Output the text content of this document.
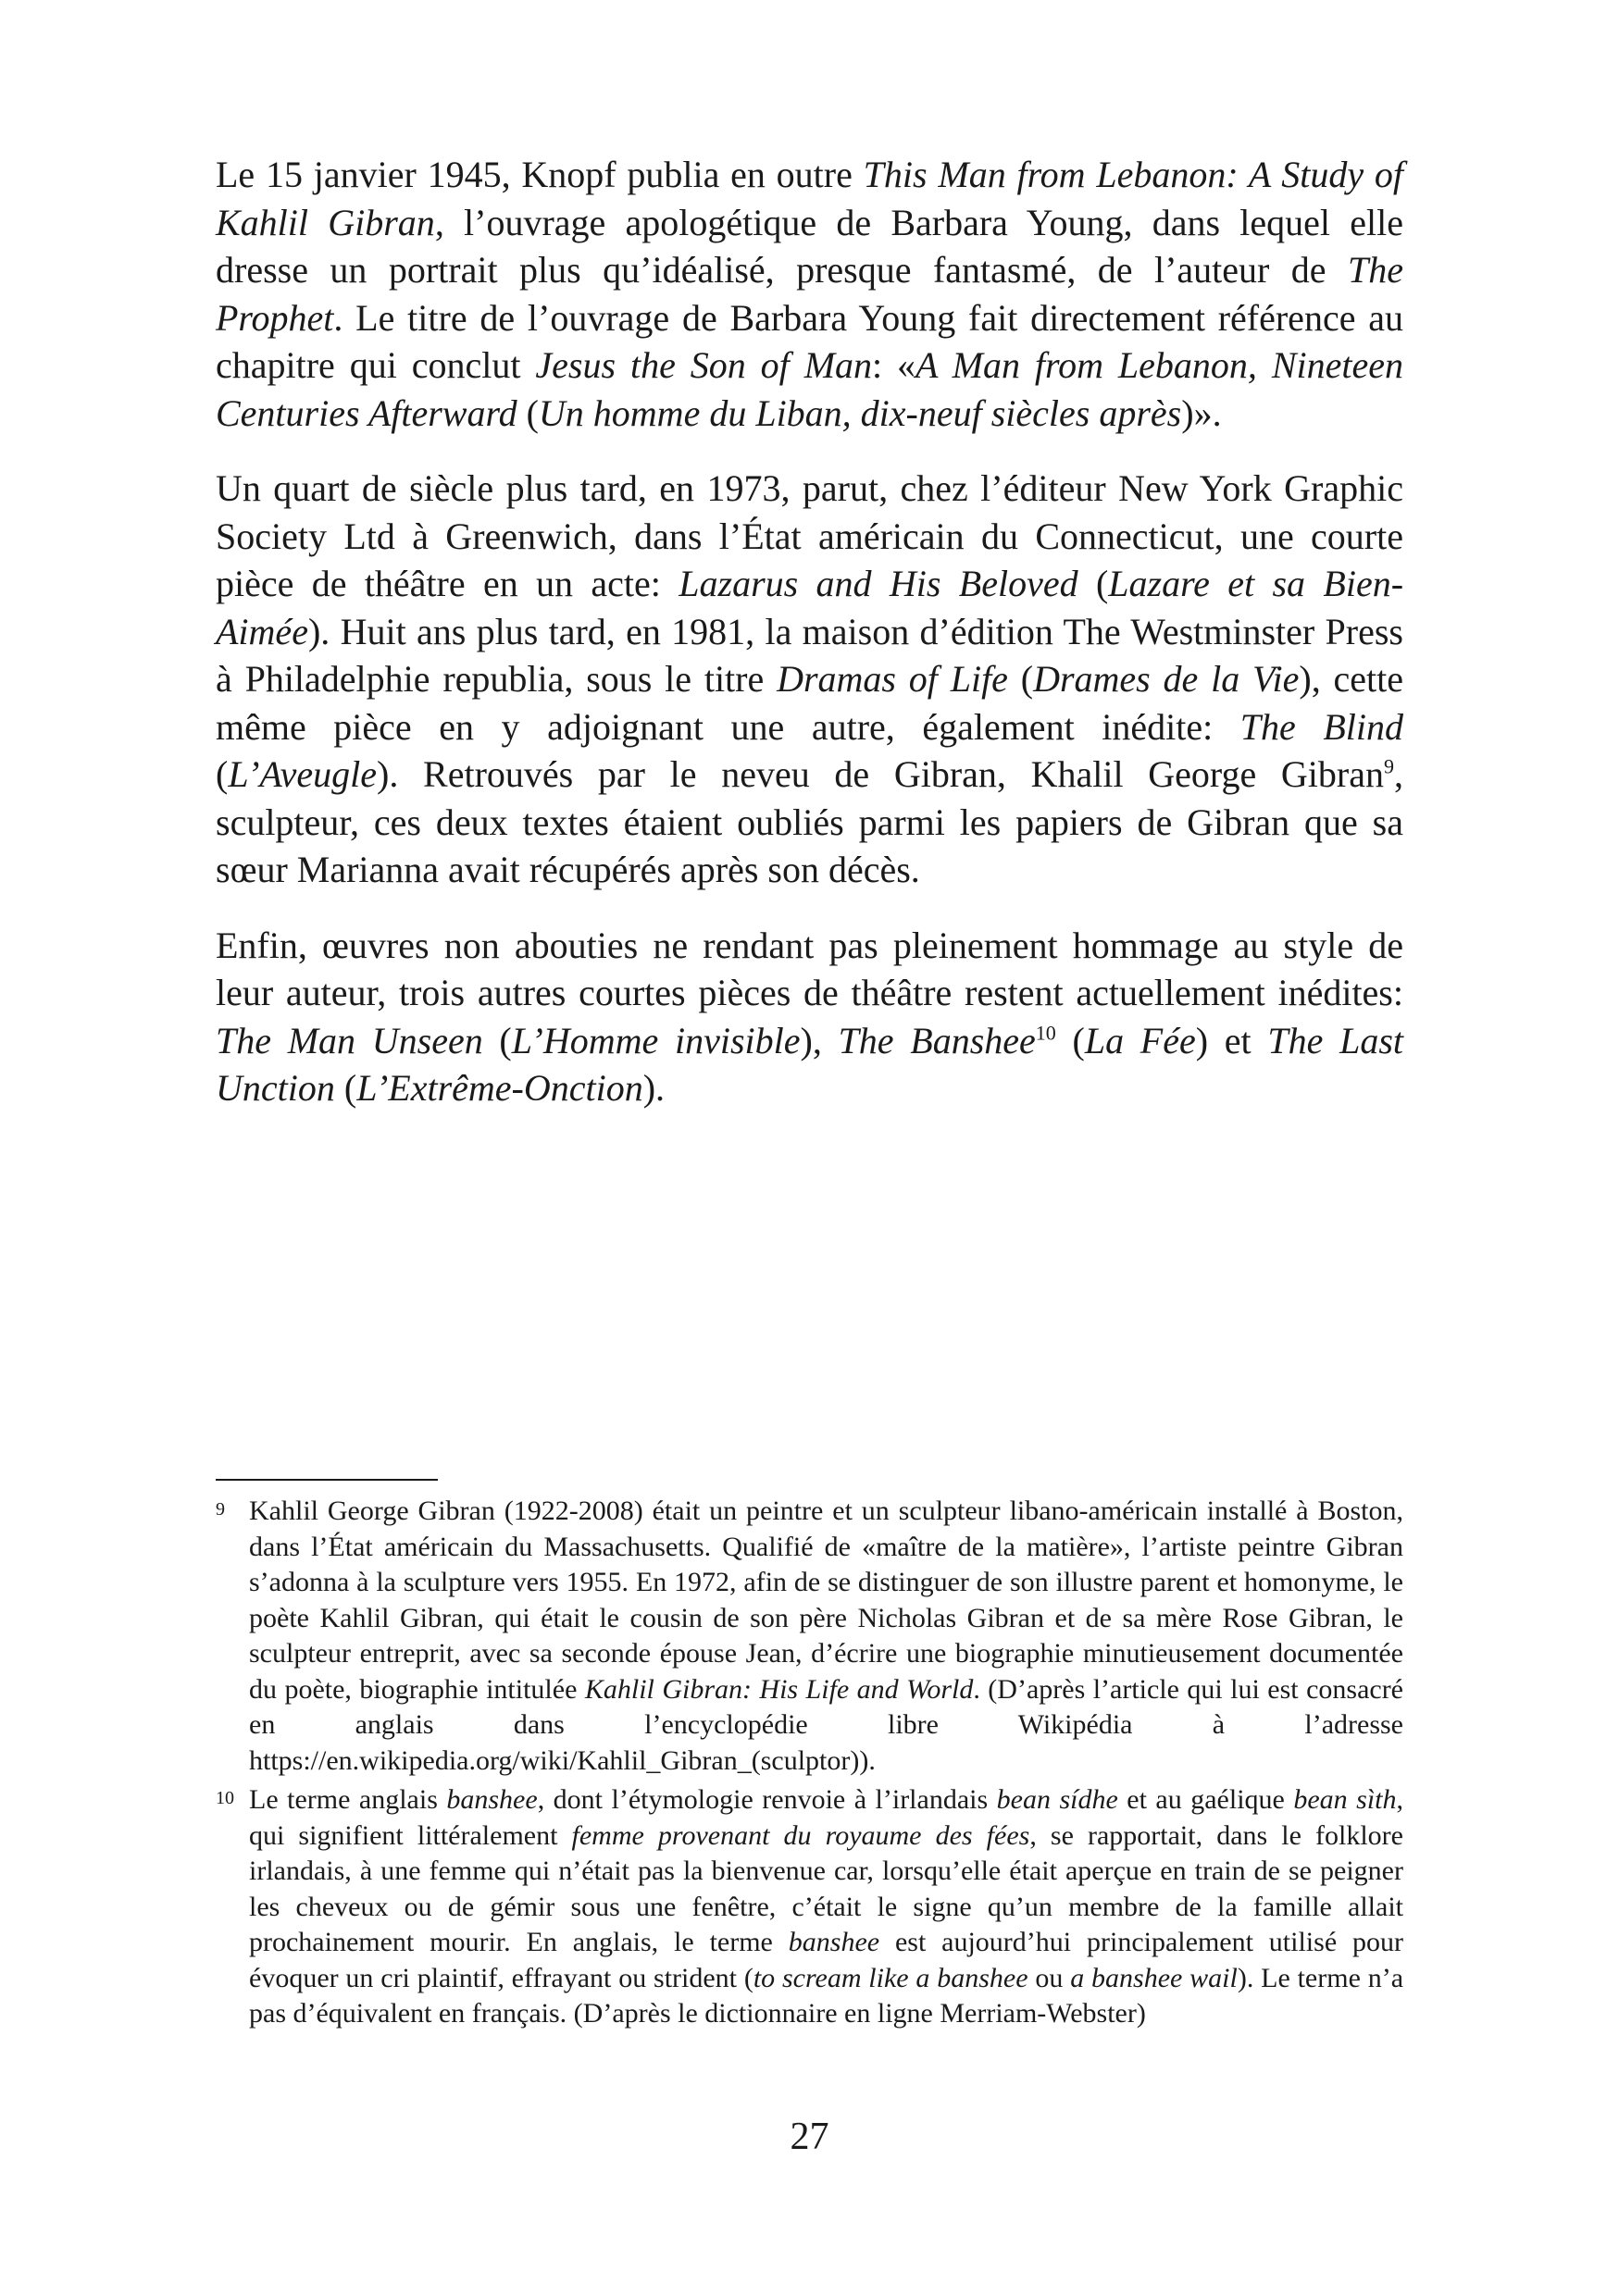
Le 15 janvier 1945, Knopf publia en outre This Man from Lebanon: A Study of Kahlil Gibran, l’ouvrage apologétique de Barbara Young, dans lequel elle dresse un portrait plus qu’idéalisé, presque fantasmé, de l’auteur de The Prophet. Le titre de l’ouvrage de Barbara Young fait directement référence au chapitre qui conclut Jesus the Son of Man: «A Man from Lebanon, Nineteen Centuries Afterward (Un homme du Liban, dix-neuf siècles après)».

Un quart de siècle plus tard, en 1973, parut, chez l’éditeur New York Graphic Society Ltd à Greenwich, dans l’État américain du Connecticut, une courte pièce de théâtre en un acte: Lazarus and His Beloved (Lazare et sa Bien-Aimée). Huit ans plus tard, en 1981, la maison d’édition The Westminster Press à Philadelphie republia, sous le titre Dramas of Life (Drames de la Vie), cette même pièce en y adjoignant une autre, également inédite: The Blind (L’Aveugle). Retrouvés par le neveu de Gibran, Khalil George Gibran$^9$, sculpteur, ces deux textes étaient oubliés parmi les papiers de Gibran que sa sœur Marianna avait récupérés après son décès.

Enfin, œuvres non abouties ne rendant pas pleinement hommage au style de leur auteur, trois autres courtes pièces de théâtre restent actuellement inédites: The Man Unseen (L’Homme invisible), The Banshee$^{10}$ (La Fée) et The Last Unction (L’Extrême-Onction).

9 Kahlil George Gibran (1922-2008) était un peintre et un sculpteur libano-américain installé à Boston, dans l’État américain du Massachusetts. Qualifié de «maître de la matière», l’artiste peintre Gibran s’adonna à la sculpture vers 1955. En 1972, afin de se distinguer de son illustre parent et homonyme, le poète Kahlil Gibran, qui était le cousin de son père Nicholas Gibran et de sa mère Rose Gibran, le sculpteur entreprit, avec sa seconde épouse Jean, d’écrire une biographie minutieusement documentée du poète, biographie intitulée Kahlil Gibran: His Life and World. (D’après l’article qui lui est consacré en anglais dans l’encyclopédie libre Wikipédia à l’adresse https://en.wikipedia.org/wiki/Kahlil_Gibran_(sculptor)).

10 Le terme anglais banshee, dont l’étymologie renvoie à l’irlandais bean sídhe et au gaélique bean sìth, qui signifient littéralement femme provenant du royaume des fées, se rapportait, dans le folklore irlandais, à une femme qui n’était pas la bienvenue car, lorsqu’elle était aperçue en train de se peigner les cheveux ou de gémir sous une fenêtre, c’était le signe qu’un membre de la famille allait prochainement mourir. En anglais, le terme banshee est aujourd’hui principalement utilisé pour évoquer un cri plaintif, effrayant ou strident (to scream like a banshee ou a banshee wail). Le terme n’a pas d’équivalent en français. (D’après le dictionnaire en ligne Merriam-Webster)

27
